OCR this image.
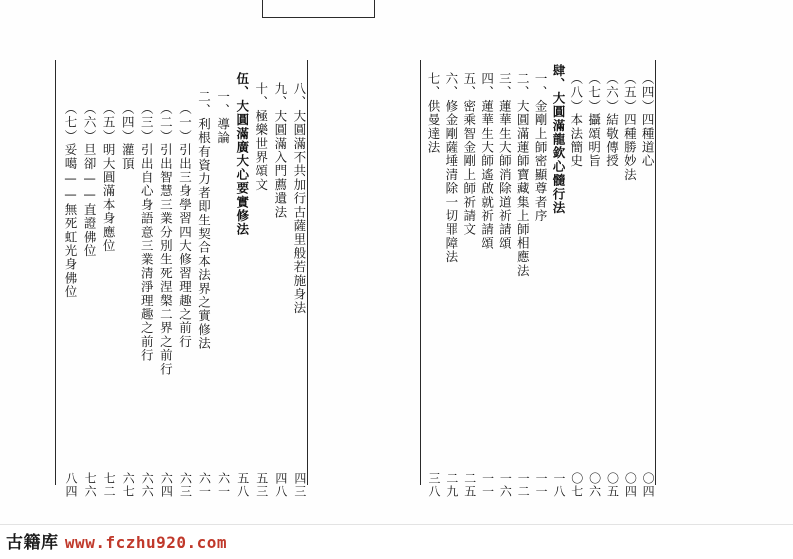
（四）四種道心
〇四
（五）四種勝妙法
〇四
（六）結敬傳授
〇五
（七）攝頌明旨
〇六
（八）本法簡史
〇七
肆、大圓滿龍欽心髓行法
一八
一、金剛上師密顯尊者序
一一
二、大圓滿蓮師寶藏集上師相應法
一二
三、蓮華生大師消除道祈請頌
一六
四、蓮華生大師遙啟就祈請頌
一一
五、密乘智金剛上師祈請文
二五
六、修金剛薩埵清除一切罪障法
二九
七、供曼達法
三八
八、大圓滿不共加行古薩里般若施身法
四三
九、大圓滿入門薦遺法
四八
十、極樂世界頌文
五三
伍、大圓滿廣大心要實修法
五八
一、導論
六一
二、利根有資力者即生契合本法界之實修法
六一
（一）引出三身學習四大修習理趣之前行
六三
（二）引出智慧三業分別生死涅槃二界之前行
六四
（三）引出自心身語意三業清淨理趣之前行
六六
（四）灌頂
六七
（五）明大圓滿本身應位
七二
（六）旦卻——直證佛位
七六
（七）妥噶——無死虹光身佛位
八四
古籍库 www.fczhu920.com
